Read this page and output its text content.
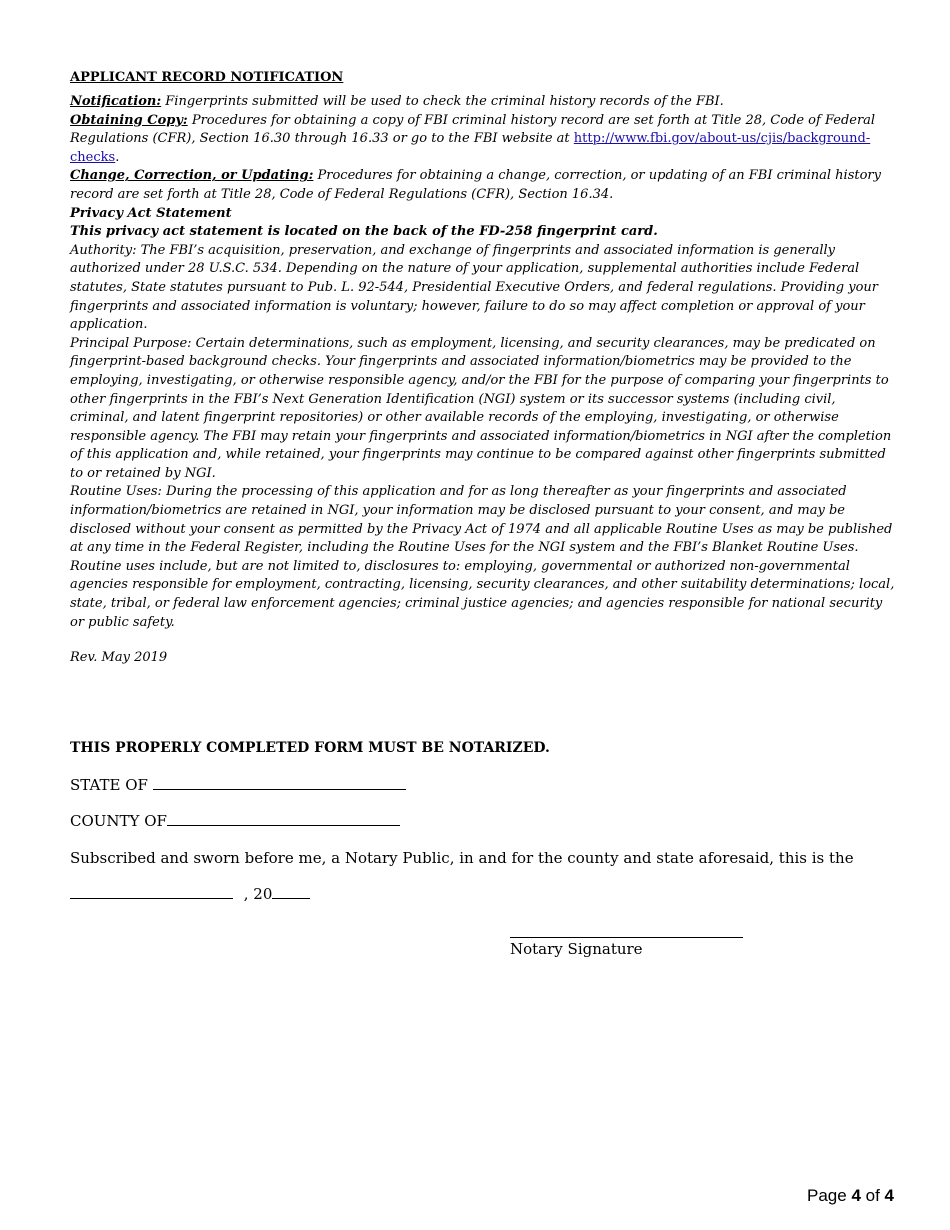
APPLICANT RECORD NOTIFICATION

Notification: Fingerprints submitted will be used to check the criminal history records of the FBI.

Obtaining Copy: Procedures for obtaining a copy of FBI criminal history record are set forth at Title 28, Code of Federal Regulations (CFR), Section 16.30 through 16.33 or go to the FBI website at http://www.fbi.gov/about-us/cjis/background-checks.

Change, Correction, or Updating: Procedures for obtaining a change, correction, or updating of an FBI criminal history record are set forth at Title 28, Code of Federal Regulations (CFR), Section 16.34.

Privacy Act Statement

This privacy act statement is located on the back of the FD-258 fingerprint card.

Authority: The FBI’s acquisition, preservation, and exchange of fingerprints and associated information is generally authorized under 28 U.S.C. 534. Depending on the nature of your application, supplemental authorities include Federal statutes, State statutes pursuant to Pub. L. 92-544, Presidential Executive Orders, and federal regulations. Providing your fingerprints and associated information is voluntary; however, failure to do so may affect completion or approval of your application.

Principal Purpose: Certain determinations, such as employment, licensing, and security clearances, may be predicated on fingerprint-based background checks. Your fingerprints and associated information/biometrics may be provided to the employing, investigating, or otherwise responsible agency, and/or the FBI for the purpose of comparing your fingerprints to other fingerprints in the FBI’s Next Generation Identification (NGI) system or its successor systems (including civil, criminal, and latent fingerprint repositories) or other available records of the employing, investigating, or otherwise responsible agency. The FBI may retain your fingerprints and associated information/biometrics in NGI after the completion of this application and, while retained, your fingerprints may continue to be compared against other fingerprints submitted to or retained by NGI.

Routine Uses: During the processing of this application and for as long thereafter as your fingerprints and associated information/biometrics are retained in NGI, your information may be disclosed pursuant to your consent, and may be disclosed without your consent as permitted by the Privacy Act of 1974 and all applicable Routine Uses as may be published at any time in the Federal Register, including the Routine Uses for the NGI system and the FBI’s Blanket Routine Uses. Routine uses include, but are not limited to, disclosures to: employing, governmental or authorized non-governmental agencies responsible for employment, contracting, licensing, security clearances, and other suitability determinations; local, state, tribal, or federal law enforcement agencies; criminal justice agencies; and agencies responsible for national security or public safety.

Rev. May 2019

THIS PROPERLY COMPLETED FORM MUST BE NOTARIZED.
STATE OF
COUNTY OF
Subscribed and sworn before me, a Notary Public, in and for the county and state aforesaid, this is the
, 20
Notary Signature
Page 4 of 4
